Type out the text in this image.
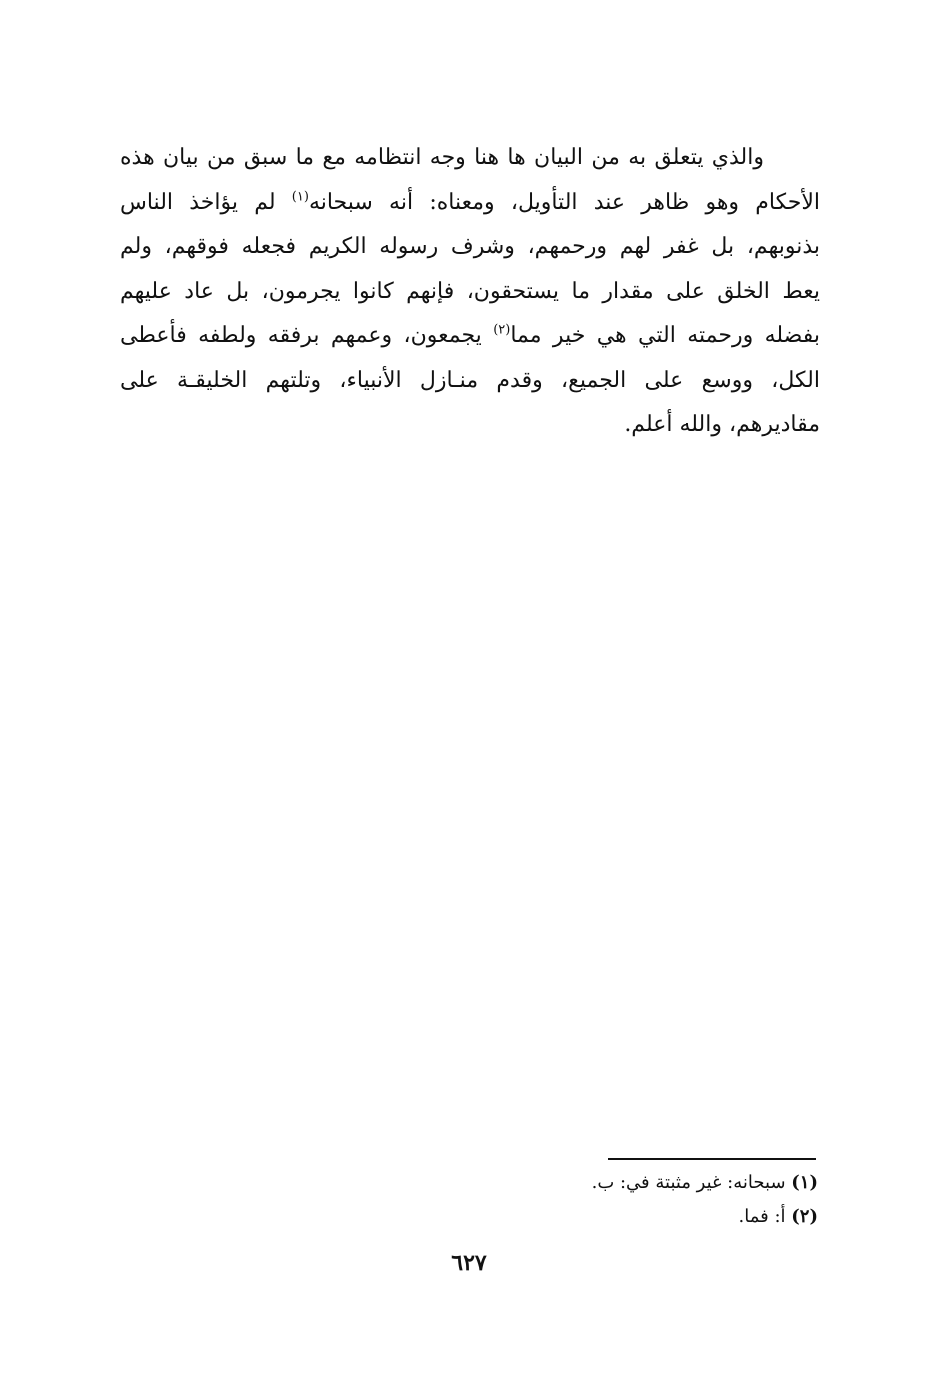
والذي يتعلق به من البيان ها هنا وجه انتظامه مع ما سبق من بيان هذه
الأحكام وهو ظاهر عند التأويل، ومعناه: أنه سبحانه$^{(١)}$ لم يؤاخذ الناس
بذنوبهم، بل غفر لهم ورحمهم، وشرف رسوله الكريم فجعله فوقهم، ولم
يعط الخلق على مقدار ما يستحقون، فإنهم كانوا يجرمون، بل عاد عليهم
بفضله ورحمته التي هي خير مما$^{(٢)}$ يجمعون، وعمهم برفقه ولطفه فأعطى
الكل، ووسع على الجميع، وقدم منـازل الأنبياء، وتلتهم الخليقـة على
مقاديرهم، والله أعلم.
(١) سبحانه: غير مثبتة في: ب.
(٢) أ: فما.
٦٢٧
